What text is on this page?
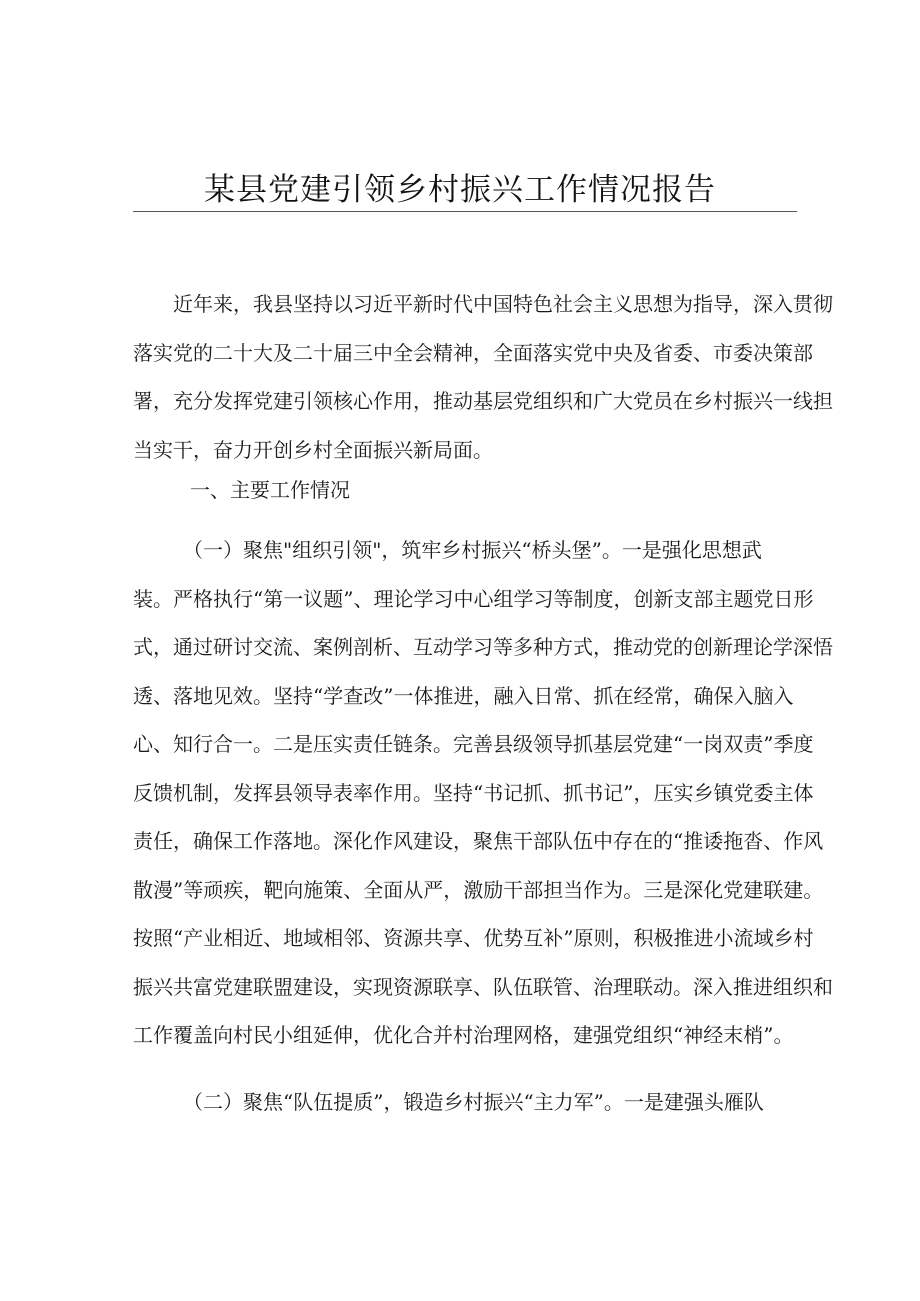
某县党建引领乡村振兴工作情况报告
　　近年来，我县坚持以习近平新时代中国特色社会主义思想为指导，深入贯彻
落实党的二十大及二十届三中全会精神，全面落实党中央及省委、市委决策部
署，充分发挥党建引领核心作用，推动基层党组织和广大党员在乡村振兴一线担
当实干，奋力开创乡村全面振兴新局面。
一、主要工作情况
　　　（一）聚焦"组织引领"，筑牢乡村振兴“桥头堡”。一是强化思想武
装。严格执行“第一议题”、理论学习中心组学习等制度，创新支部主题党日形
式，通过研讨交流、案例剖析、互动学习等多种方式，推动党的创新理论学深悟
透、落地见效。坚持“学查改”一体推进，融入日常、抓在经常，确保入脑入
心、知行合一。二是压实责任链条。完善县级领导抓基层党建“一岗双责”季度
反馈机制，发挥县领导表率作用。坚持“书记抓、抓书记”，压实乡镇党委主体
责任，确保工作落地。深化作风建设，聚焦干部队伍中存在的“推诿拖沓、作风
散漫”等顽疾，靶向施策、全面从严，激励干部担当作为。三是深化党建联建。
按照“产业相近、地域相邻、资源共享、优势互补”原则，积极推进小流域乡村
振兴共富党建联盟建设，实现资源联享、队伍联管、治理联动。深入推进组织和
工作覆盖向村民小组延伸，优化合并村治理网格，建强党组织“神经末梢”。
　　　（二）聚焦“队伍提质”，锻造乡村振兴“主力军”。一是建强头雁队
